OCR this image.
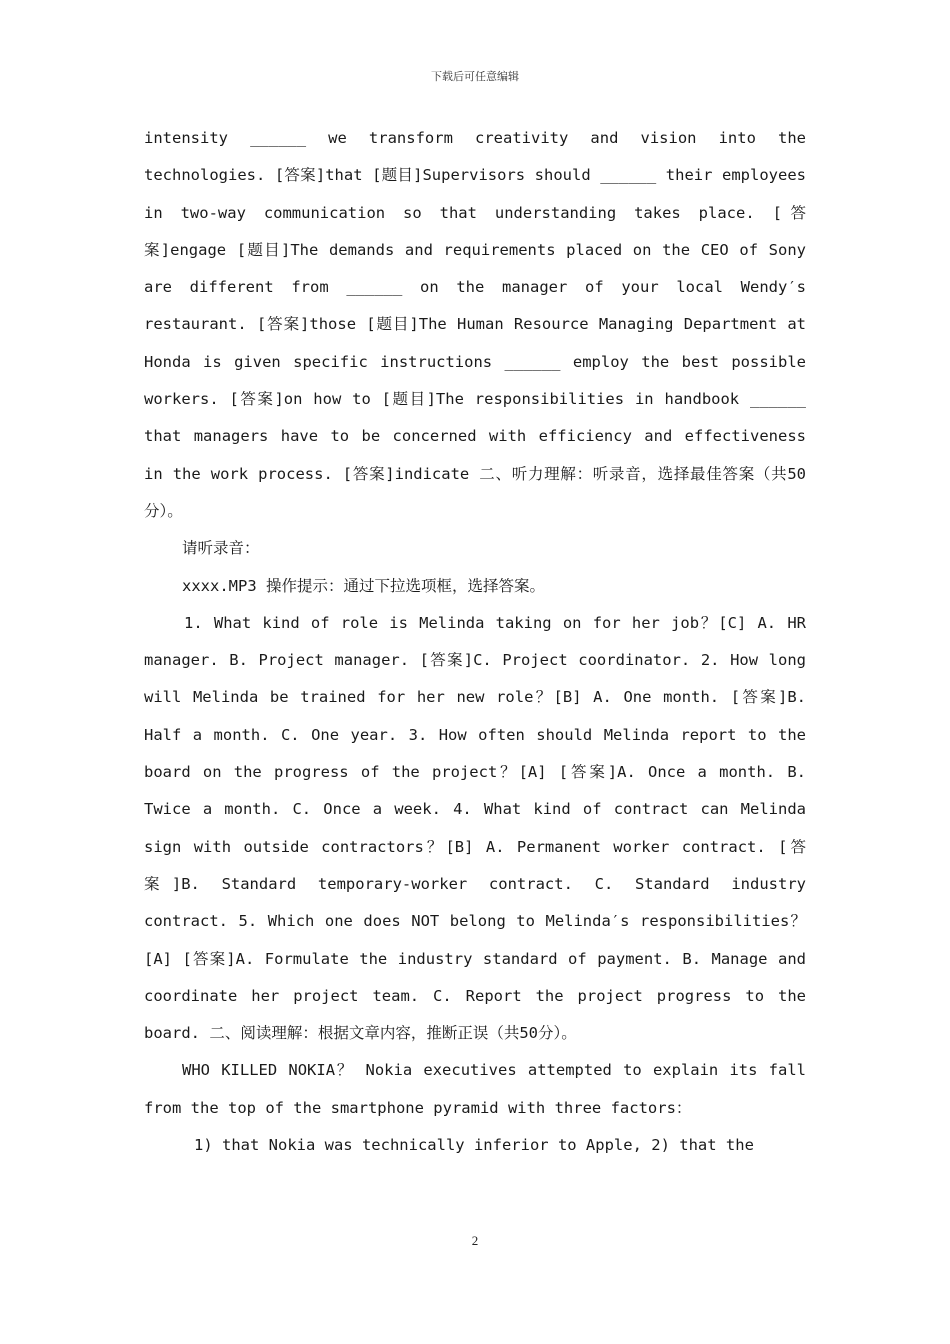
下载后可任意编辑

intensity ______ we transform creativity and vision into the technologies. [答案]that [题目]Supervisors should ______ their employees in two-way communication so that understanding takes place. [答案]engage [题目]The demands and requirements placed on the CEO of Sony are different from ______ on the manager of your local Wendy′s restaurant. [答案]those [题目]The Human Resource Managing Department at Honda is given specific instructions ______ employ the best possible workers. [答案]on how to [题目]The responsibilities in handbook ______ that managers have to be concerned with efficiency and effectiveness in the work process. [答案]indicate 二、听力理解：听录音，选择最佳答案（共50分）。

请听录音：

xxxx.MP3 操作提示：通过下拉选项框，选择答案。

1. What kind of role is Melinda taking on for her job？[C] A. HR manager. B. Project manager. [答案]C. Project coordinator. 2. How long will Melinda be trained for her new role？[B] A. One month. [答案]B. Half a month. C. One year. 3. How often should Melinda report to the board on the progress of the project？[A] [答案]A. Once a month. B. Twice a month. C. Once a week. 4. What kind of contract can Melinda sign with outside contractors？[B] A. Permanent worker contract. [答案]B. Standard temporary-worker contract. C. Standard industry contract. 5. Which one does NOT belong to Melinda′s responsibilities？[A] [答案]A. Formulate the industry standard of payment. B. Manage and coordinate her project team. C. Report the project progress to the board. 二、阅读理解：根据文章内容，推断正误（共50分）。

WHO KILLED NOKIA？ Nokia executives attempted to explain its fall from the top of the smartphone pyramid with three factors：

1) that Nokia was technically inferior to Apple, 2) that the

2
